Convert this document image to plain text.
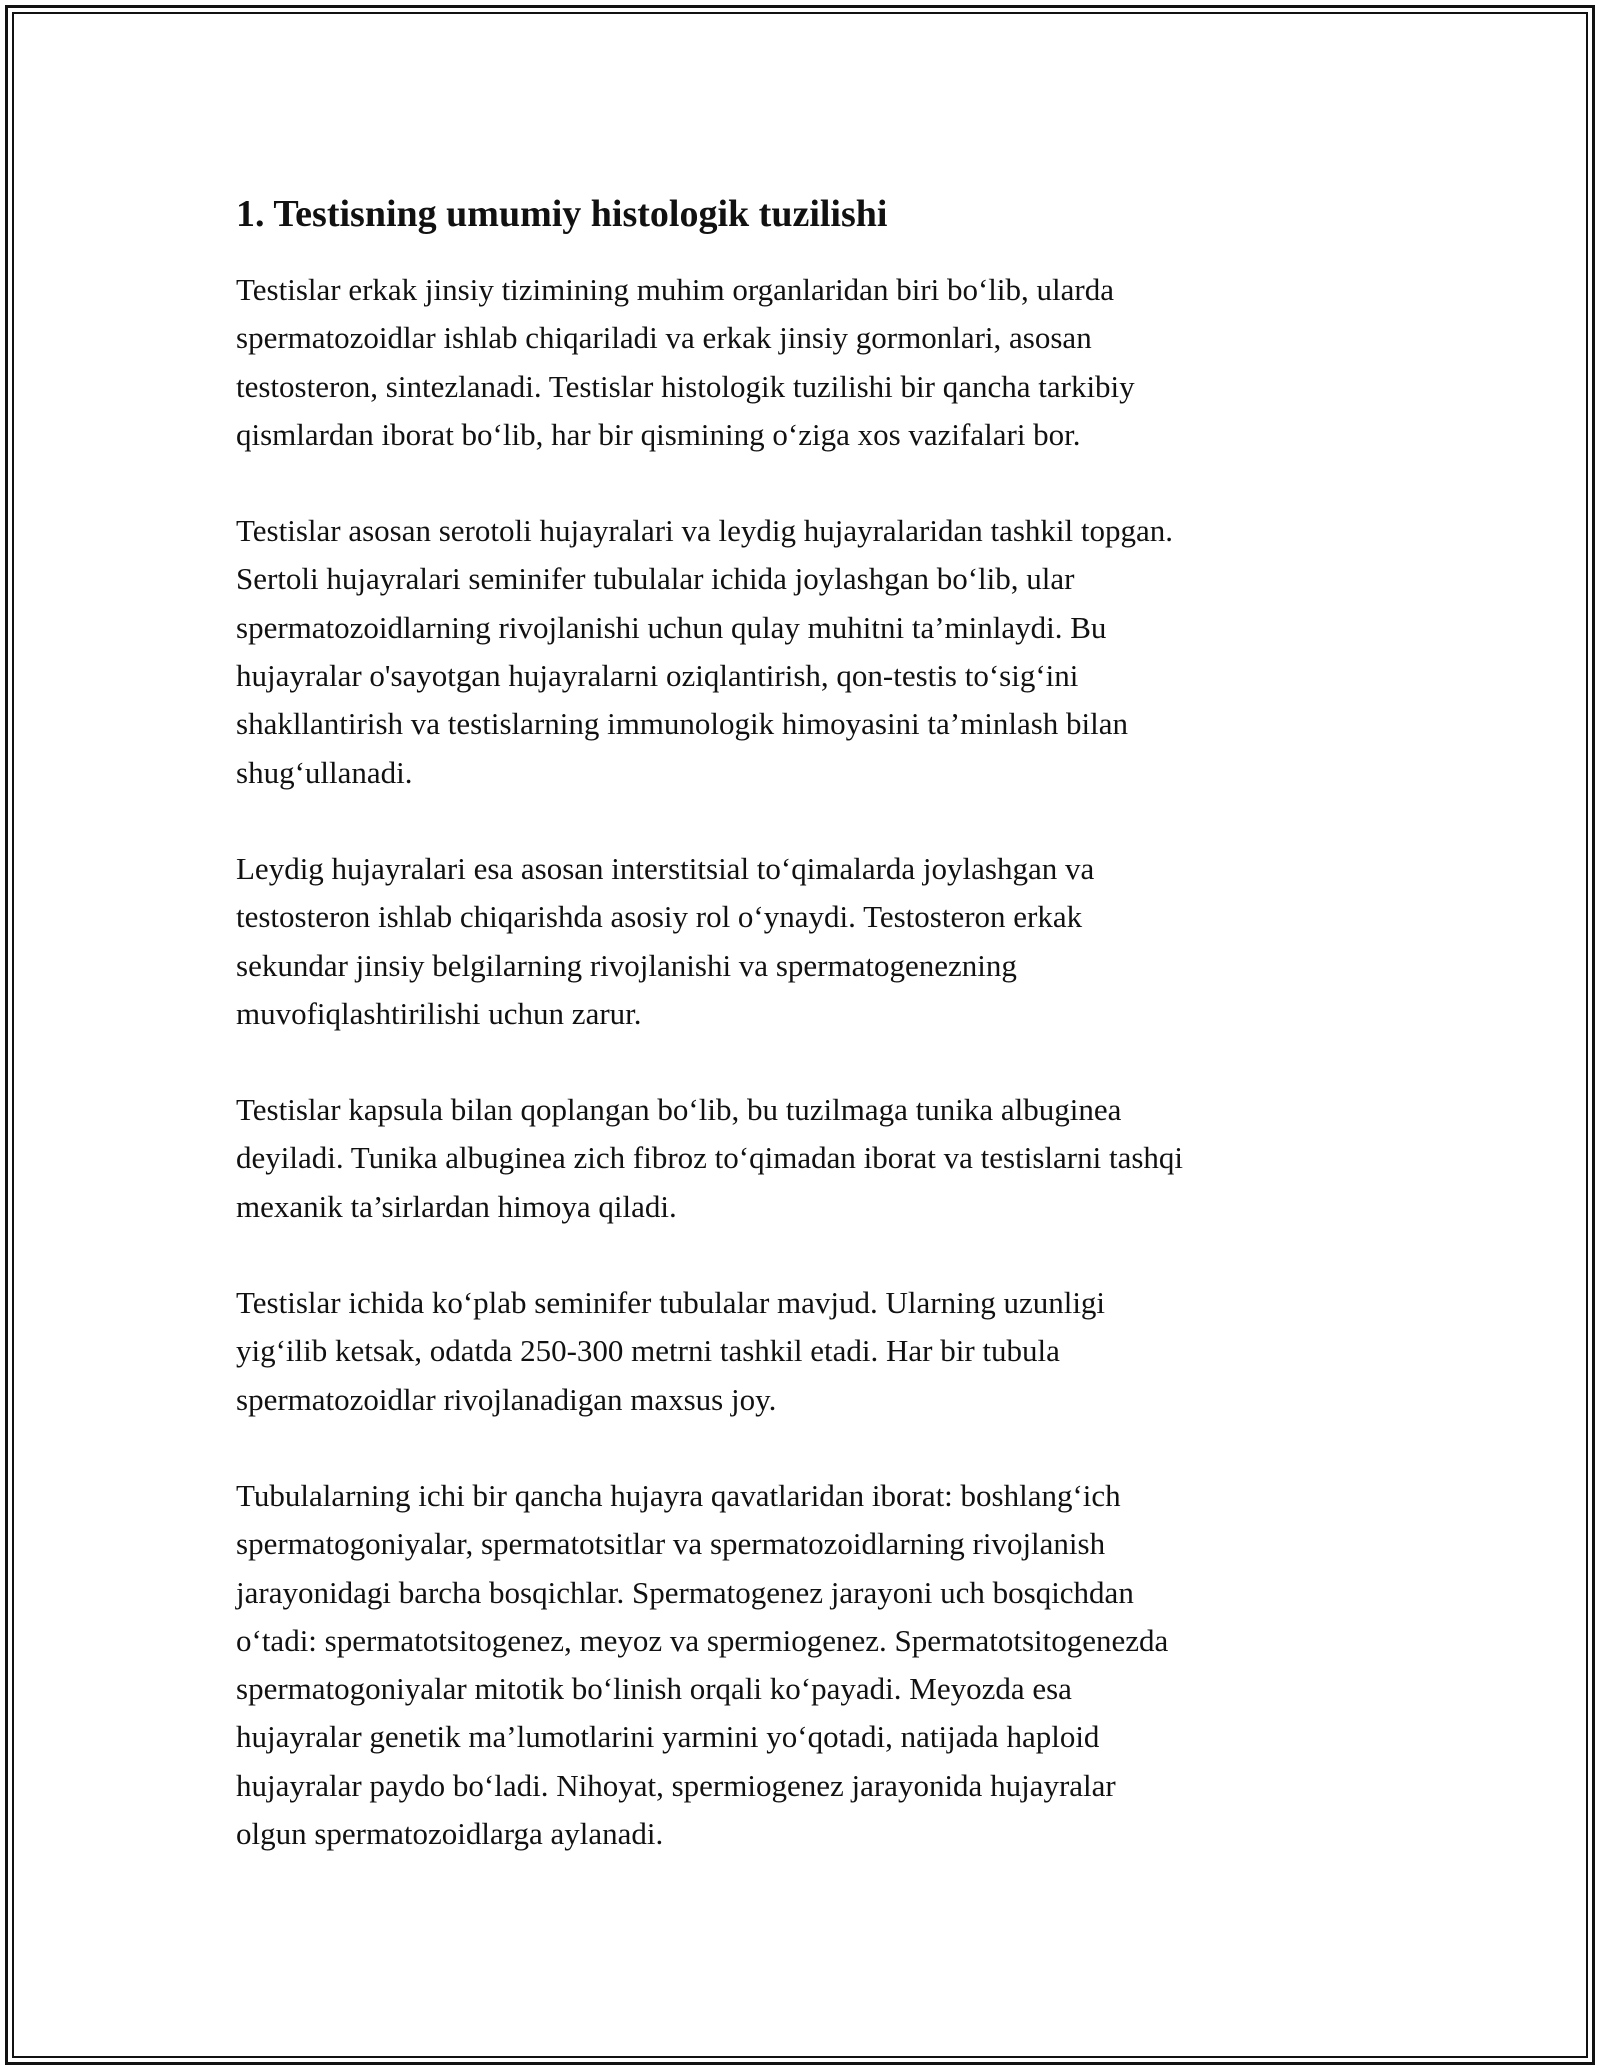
1. Testisning umumiy histologik tuzilishi

Testislar erkak jinsiy tizimining muhim organlaridan biri bo‘lib, ularda
spermatozoidlar ishlab chiqariladi va erkak jinsiy gormonlari, asosan
testosteron, sintezlanadi. Testislar histologik tuzilishi bir qancha tarkibiy
qismlardan iborat bo‘lib, har bir qismining o‘ziga xos vazifalari bor.

Testislar asosan serotoli hujayralari va leydig hujayralaridan tashkil topgan.
Sertoli hujayralari seminifer tubulalar ichida joylashgan bo‘lib, ular
spermatozoidlarning rivojlanishi uchun qulay muhitni ta’minlaydi. Bu
hujayralar o'sayotgan hujayralarni oziqlantirish, qon-testis to‘sig‘ini
shakllantirish va testislarning immunologik himoyasini ta’minlash bilan
shug‘ullanadi.

Leydig hujayralari esa asosan interstitsial to‘qimalarda joylashgan va
testosteron ishlab chiqarishda asosiy rol o‘ynaydi. Testosteron erkak
sekundar jinsiy belgilarning rivojlanishi va spermatogenezning
muvofiqlashtirilishi uchun zarur.

Testislar kapsula bilan qoplangan bo‘lib, bu tuzilmaga tunika albuginea
deyiladi. Tunika albuginea zich fibroz to‘qimadan iborat va testislarni tashqi
mexanik ta’sirlardan himoya qiladi.

Testislar ichida ko‘plab seminifer tubulalar mavjud. Ularning uzunligi
yig‘ilib ketsak, odatda 250-300 metrni tashkil etadi. Har bir tubula
spermatozoidlar rivojlanadigan maxsus joy.

Tubulalarning ichi bir qancha hujayra qavatlaridan iborat: boshlang‘ich
spermatogoniyalar, spermatotsitlar va spermatozoidlarning rivojlanish
jarayonidagi barcha bosqichlar. Spermatogenez jarayoni uch bosqichdan
o‘tadi: spermatotsitogenez, meyoz va spermiogenez. Spermatotsitogenezda
spermatogoniyalar mitotik bo‘linish orqali ko‘payadi. Meyozda esa
hujayralar genetik ma’lumotlarini yarmini yo‘qotadi, natijada haploid
hujayralar paydo bo‘ladi. Nihoyat, spermiogenez jarayonida hujayralar
olgun spermatozoidlarga aylanadi.
